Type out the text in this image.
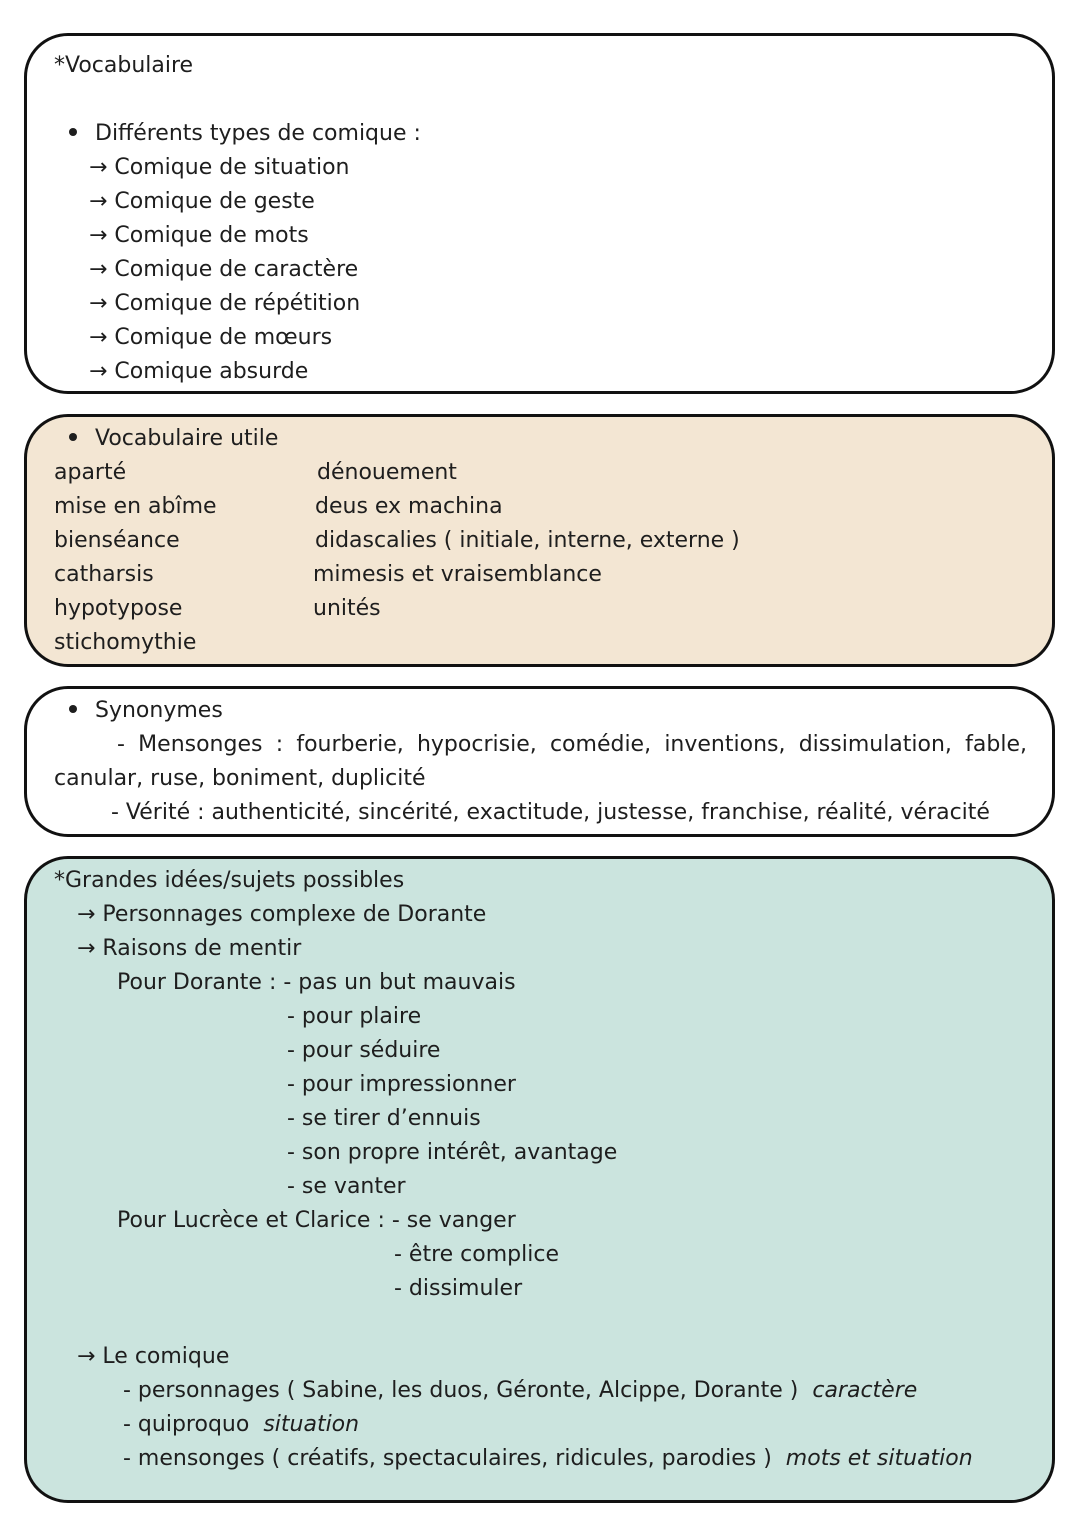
*Vocabulaire
Différents types de comique :
→ Comique de situation
→ Comique de geste
→ Comique de mots
→ Comique de caractère
→ Comique de répétition
→ Comique de mœurs
→ Comique absurde
Vocabulaire utile
aparté
mise en abîme
bienséance
catharsis
hypotypose
stichomythie
dénouement
deus ex machina
didascalies ( initiale, interne, externe )
mimesis et vraisemblance
unités
Synonymes
- Mensonges : fourberie, hypocrisie, comédie, inventions, dissimulation, fable,
canular, ruse, boniment, duplicité
- Vérité : authenticité, sincérité, exactitude, justesse, franchise, réalité, véracité
*Grandes idées/sujets possibles
→ Personnages complexe de Dorante
→ Raisons de mentir
Pour Dorante : - pas un but mauvais
- pour plaire
- pour séduire
- pour impressionner
- se tirer d’ennuis
- son propre intérêt, avantage
- se vanter
Pour Lucrèce et Clarice : - se vanger
- être complice
- dissimuler
→ Le comique
- personnages ( Sabine, les duos, Géronte, Alcippe, Dorante ) caractère
- quiproquo situation
- mensonges ( créatifs, spectaculaires, ridicules, parodies ) mots et situation
